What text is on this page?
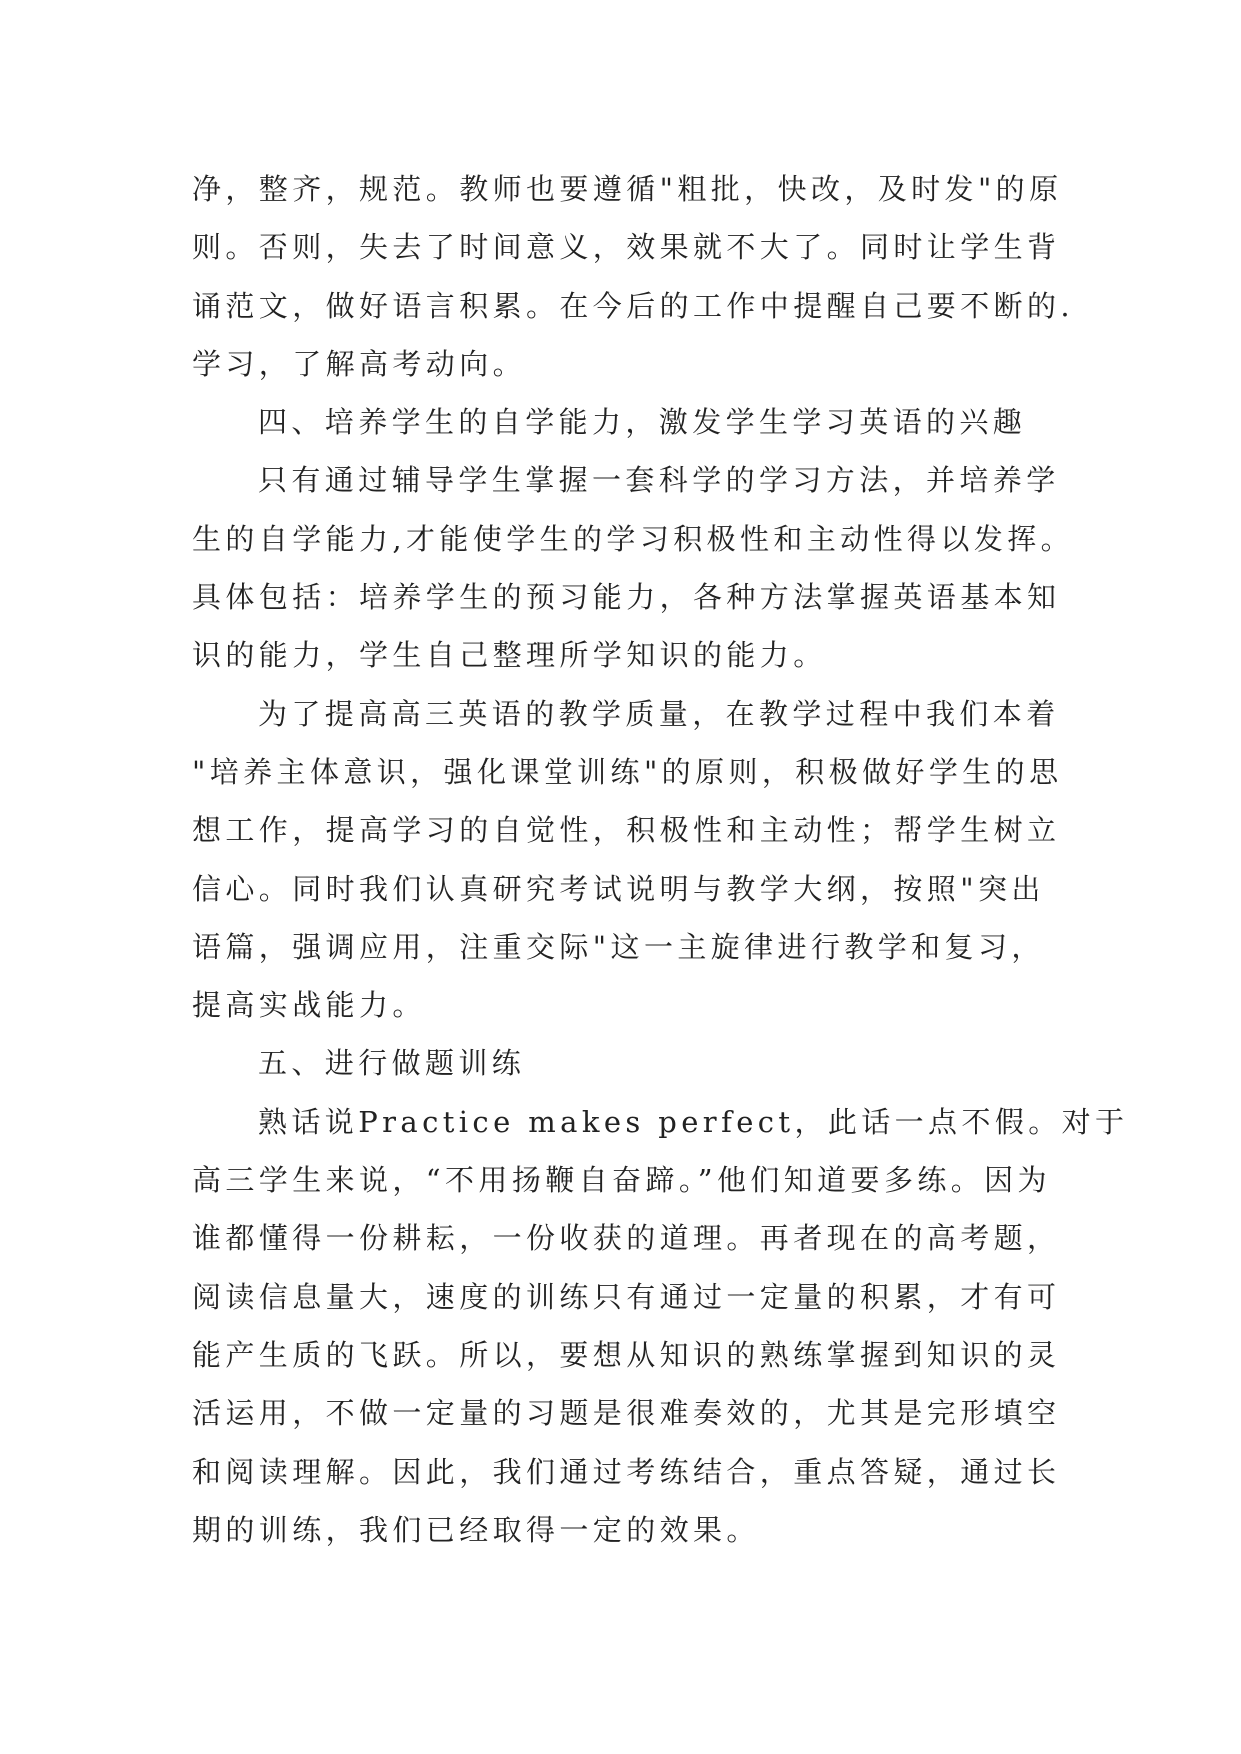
净，整齐，规范。教师也要遵循"粗批，快改，及时发"的原
则。否则，失去了时间意义，效果就不大了。同时让学生背
诵范文，做好语言积累。在今后的工作中提醒自己要不断的.
学习，了解高考动向。
四、培养学生的自学能力，激发学生学习英语的兴趣
只有通过辅导学生掌握一套科学的学习方法，并培养学
生的自学能力,才能使学生的学习积极性和主动性得以发挥。
具体包括：培养学生的预习能力，各种方法掌握英语基本知
识的能力，学生自己整理所学知识的能力。
为了提高高三英语的教学质量，在教学过程中我们本着
"培养主体意识，强化课堂训练"的原则，积极做好学生的思
想工作，提高学习的自觉性，积极性和主动性；帮学生树立
信心。同时我们认真研究考试说明与教学大纲，按照"突出
语篇，强调应用，注重交际"这一主旋律进行教学和复习，
提高实战能力。
五、进行做题训练
熟话说Practice makes perfect，此话一点不假。对于
高三学生来说，“不用扬鞭自奋蹄。”他们知道要多练。因为
谁都懂得一份耕耘，一份收获的道理。再者现在的高考题，
阅读信息量大，速度的训练只有通过一定量的积累，才有可
能产生质的飞跃。所以，要想从知识的熟练掌握到知识的灵
活运用，不做一定量的习题是很难奏效的，尤其是完形填空
和阅读理解。因此，我们通过考练结合，重点答疑，通过长
期的训练，我们已经取得一定的效果。
